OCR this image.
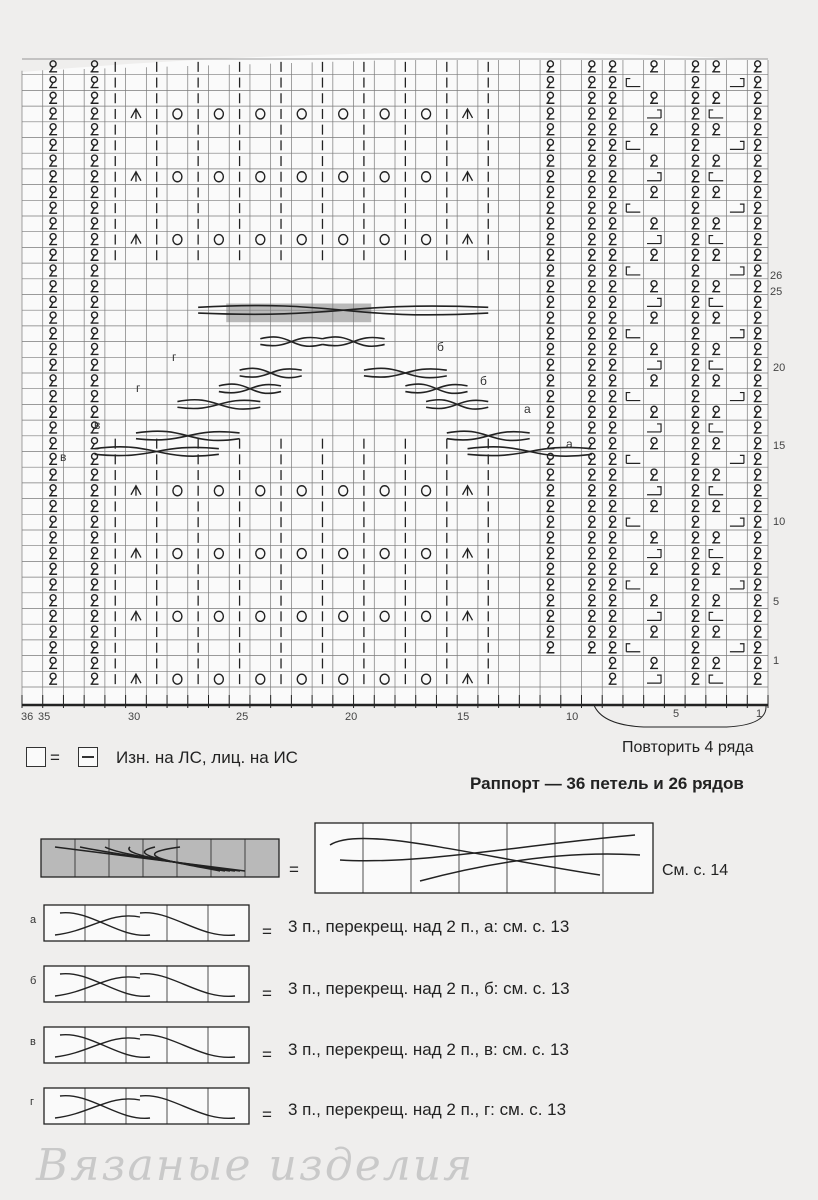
1
5
10
15
20
25
26
1
5
10
15
20
25
30
35
36
а
а
б
б
в
в
г
г
=	Изн. на ЛС, лиц. на ИС
Повторить 4 ряда
Раппорт — 36 петель и 26 рядов
=	См. с. 14
а
= 3 п., перекрещ. над 2 п., а: см. с. 13
б
= 3 п., перекрещ. над 2 п., б: см. с. 13
в
= 3 п., перекрещ. над 2 п., в: см. с. 13
г
= 3 п., перекрещ. над 2 п., г: см. с. 13
Вязаные изделия
